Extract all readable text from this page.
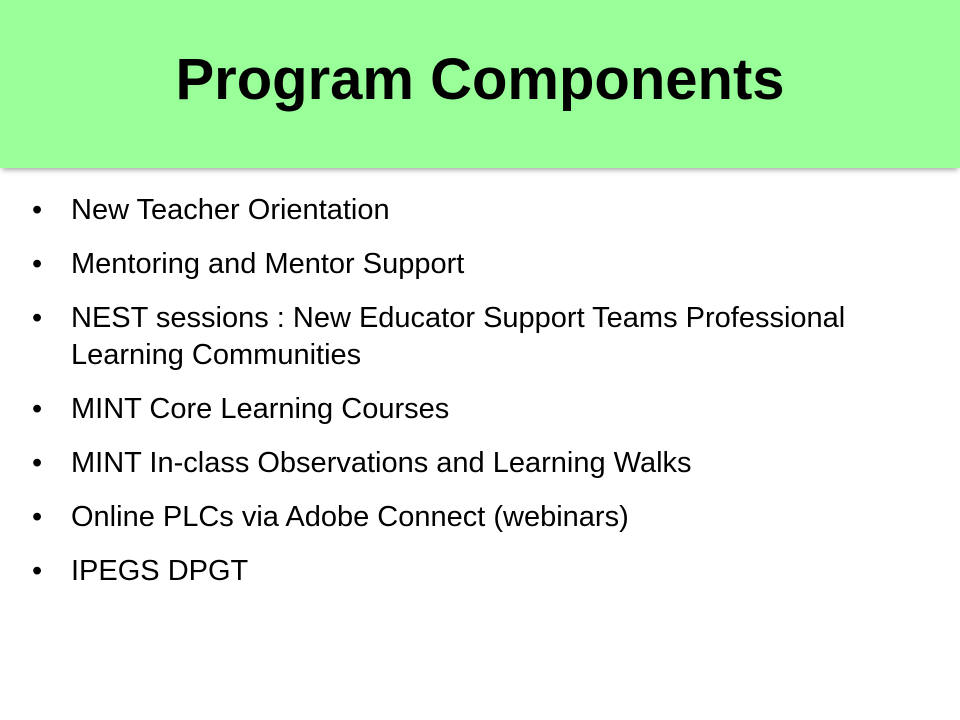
Program Components
• New Teacher Orientation
• Mentoring and Mentor Support
• NEST sessions : New Educator Support Teams Professional Learning Communities
• MINT Core Learning Courses
• MINT In-class Observations and Learning Walks
• Online PLCs via Adobe Connect (webinars)
• IPEGS DPGT
